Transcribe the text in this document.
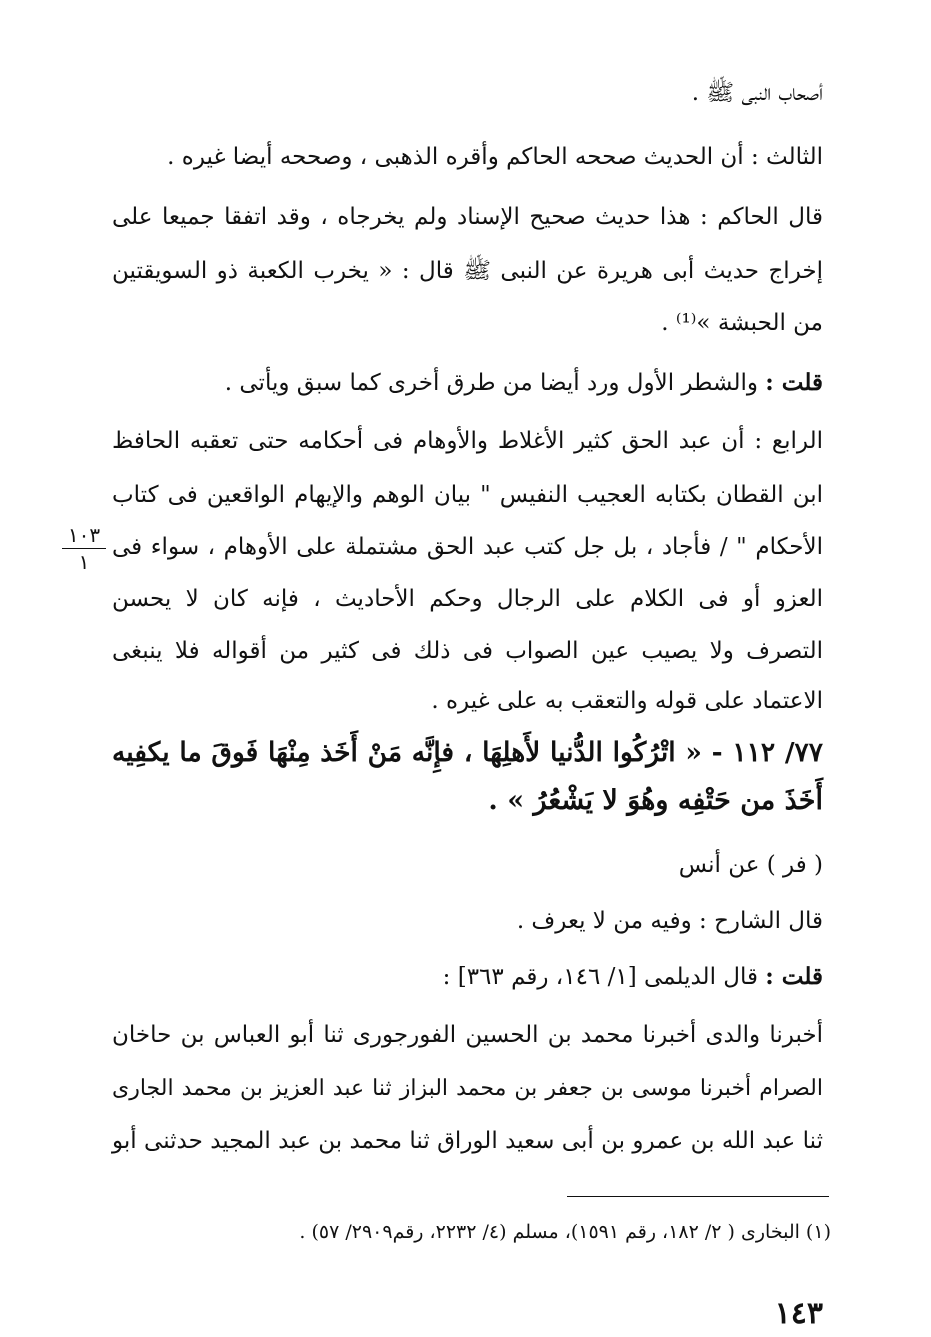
أصحاب النبى ﷺ .
الثالث : أن الحديث صححه الحاكم وأقره الذهبى ، وصححه أيضا غيره .
قال الحاكم : هذا حديث صحيح الإسناد ولم يخرجاه ، وقد اتفقا جميعا على
إخراج حديث أبى هريرة عن النبى ﷺ قال : « يخرب الكعبة ذو السويقتين
من الحبشة »⁽¹⁾ .
قلت : والشطر الأول ورد أيضا من طرق أخرى كما سبق ويأتى .
الرابع : أن عبد الحق كثير الأغلاط والأوهام فى أحكامه حتى تعقبه الحافظ
ابن القطان بكتابه العجيب النفيس " بيان الوهم والإيهام الواقعين فى كتاب
الأحكام " / فأجاد ، بل جل كتب عبد الحق مشتملة على الأوهام ، سواء فى
العزو أو فى الكلام على الرجال وحكم الأحاديث ، فإنه كان لا يحسن
التصرف ولا يصيب عين الصواب فى ذلك فى كثير من أقواله فلا ينبغى
الاعتماد على قوله والتعقب به على غيره .
٧٧/ ١١٢ - « اتْرُكُوا الدُّنيا لأَهلِهَا ، فإِنَّه مَنْ أَخَذ مِنْهَا فَوقَ ما يكفِيه
أَخَذَ من حَتْفِه وهُوَ لا يَشْعُرُ » .
( فر ) عن أنس
قال الشارح : وفيه من لا يعرف .
قلت : قال الديلمى [١/ ١٤٦، رقم ٣٦٣] :
أخبرنا والدى أخبرنا محمد بن الحسين الفورجورى ثنا أبو العباس بن حاخان
الصرام أخبرنا موسى بن جعفر بن محمد البزاز ثنا عبد العزيز بن محمد الجارى
ثنا عبد الله بن عمرو بن أبى سعيد الوراق ثنا محمد بن عبد المجيد حدثنى أبو
١٠٣
١
(١) البخارى ( ٢/ ١٨٢، رقم ١٥٩١)، مسلم (٤/ ٢٢٣٢، رقم٢٩٠٩/ ٥٧) .
١٤٣
